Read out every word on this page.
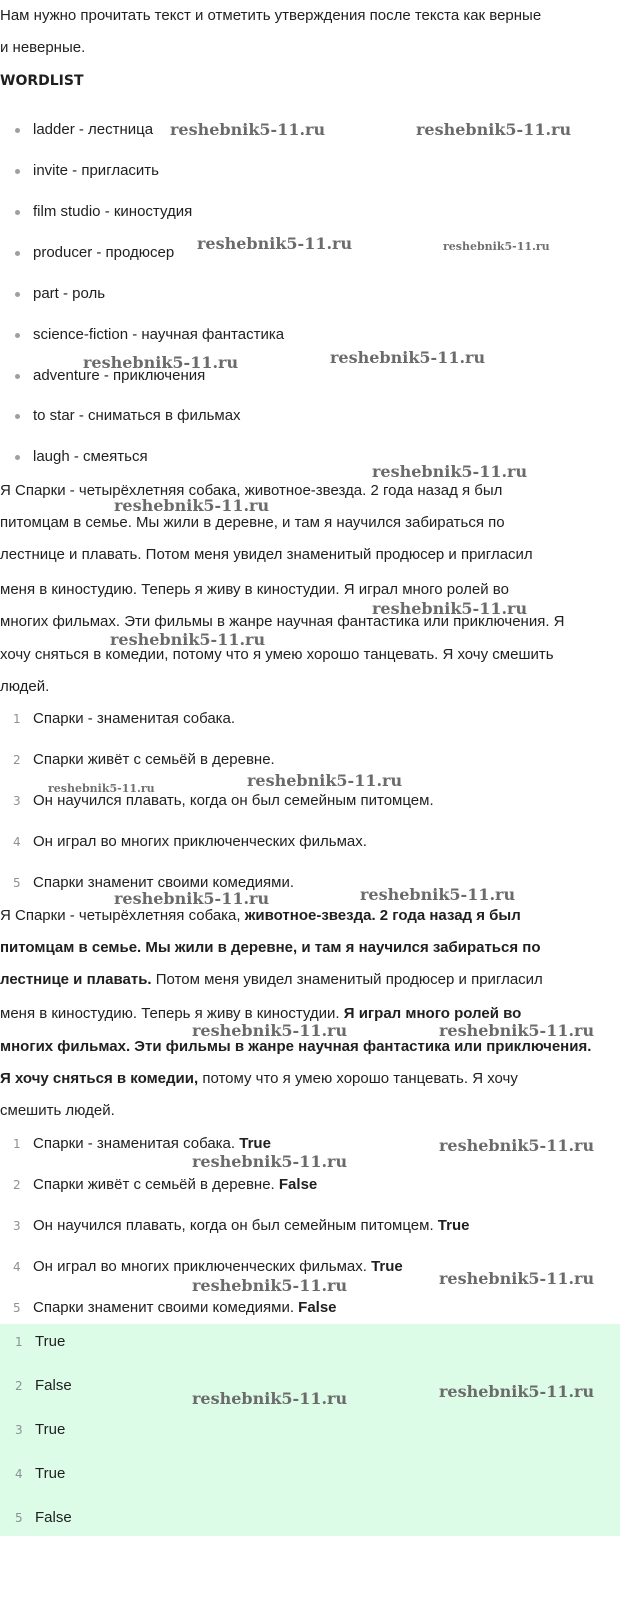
Нам нужно прочитать текст и отметить утверждения после текста как верные
и неверные.
WORDLIST
ladder - лестница
invite - пригласить
film studio - киностудия
producer - продюсер
part - роль
science-fiction - научная фантастика
adventure - приключения
to star - сниматься в фильмах
laugh - смеяться
Я Спарки - четырёхлетняя собака, животное-звезда. 2 года назад я был
питомцам в семье. Мы жили в деревне, и там я научился забираться по
лестнице и плавать. Потом меня увидел знаменитый продюсер и пригласил
меня в киностудию. Теперь я живу в киностудии. Я играл много ролей во
многих фильмах. Эти фильмы в жанре научная фантастика или приключения. Я
хочу сняться в комедии, потому что я умею хорошо танцевать. Я хочу смешить
людей.
1 Спарки - знаменитая собака.
2 Спарки живёт с семьёй в деревне.
3 Он научился плавать, когда он был семейным питомцем.
4 Он играл во многих приключенческих фильмах.
5 Спарки знаменит своими комедиями.
Я Спарки - четырёхлетняя собака, животное-звезда. 2 года назад я был
питомцам в семье. Мы жили в деревне, и там я научился забираться по
лестнице и плавать. Потом меня увидел знаменитый продюсер и пригласил
меня в киностудию. Теперь я живу в киностудии. Я играл много ролей во
многих фильмах. Эти фильмы в жанре научная фантастика или приключения.
Я хочу сняться в комедии, потому что я умею хорошо танцевать. Я хочу
смешить людей.
1 Спарки - знаменитая собака. True
2 Спарки живёт с семьёй в деревне. False
3 Он научился плавать, когда он был семейным питомцем. True
4 Он играл во многих приключенческих фильмах. True
5 Спарки знаменит своими комедиями. False
1 True
2 False
3 True
4 True
5 False
reshebnik5-11.ru	reshebnik5-11.ru
reshebnik5-11.ru	reshebnik5-11.ru
reshebnik5-11.ru	reshebnik5-11.ru
reshebnik5-11.ru
reshebnik5-11.ru
reshebnik5-11.ru
reshebnik5-11.ru
reshebnik5-11.ru	reshebnik5-11.ru
reshebnik5-11.ru
reshebnik5-11.ru
reshebnik5-11.ru	reshebnik5-11.ru
reshebnik5-11.ru
reshebnik5-11.ru
reshebnik5-11.ru	reshebnik5-11.ru
reshebnik5-11.ru	reshebnik5-11.ru
